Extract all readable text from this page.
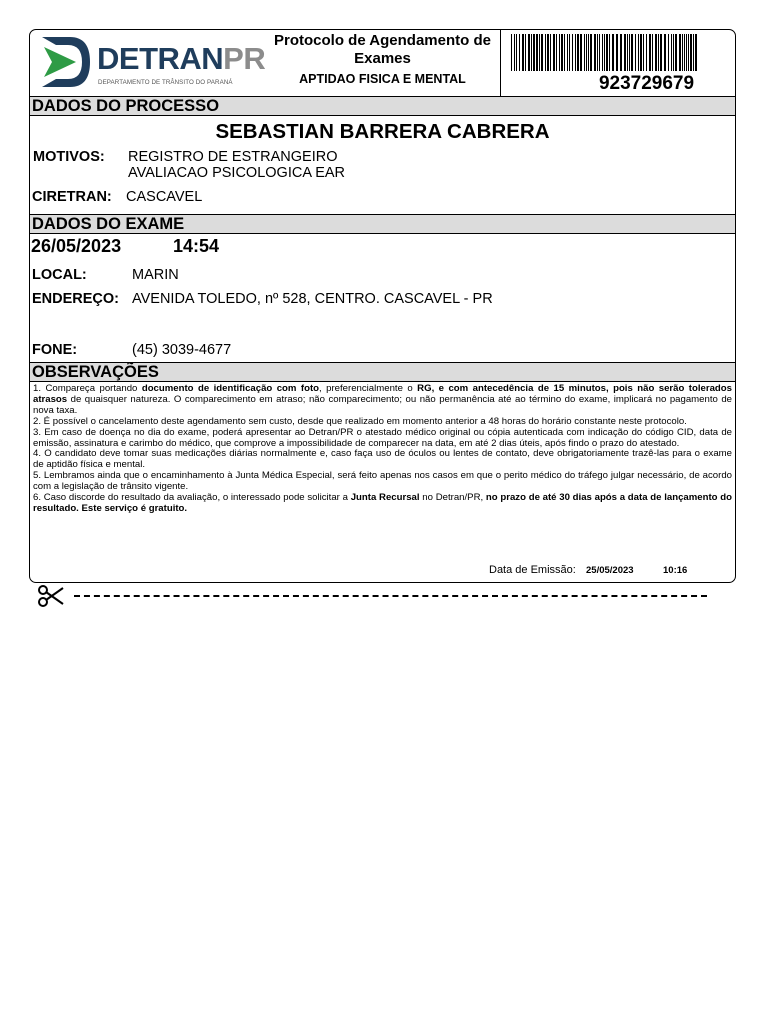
DETRANPR
DEPARTAMENTO DE TRÂNSITO DO PARANÁ
Protocolo de Agendamento de Exames
APTIDAO FISICA E MENTAL	923729679
DADOS DO PROCESSO
SEBASTIAN BARRERA CABRERA
MOTIVOS: REGISTRO DE ESTRANGEIRO
AVALIACAO PSICOLOGICA EAR
CIRETRAN: CASCAVEL
DADOS DO EXAME
26/05/2023	14:54
LOCAL:	MARIN
ENDEREÇO: AVENIDA TOLEDO, nº 528, CENTRO. CASCAVEL - PR
FONE:	(45) 3039-4677
OBSERVAÇÕES

1. Compareça portando documento de identificação com foto, preferencialmente o RG, e com antecedência de 15 minutos, pois não serão tolerados atrasos de quaisquer natureza. O comparecimento em atraso; não comparecimento; ou não permanência até ao término do exame, implicará no pagamento de nova taxa.

2. É possível o cancelamento deste agendamento sem custo, desde que realizado em momento anterior a 48 horas do horário constante neste protocolo.

3. Em caso de doença no dia do exame, poderá apresentar ao Detran/PR o atestado médico original ou cópia autenticada com indicação do código CID, data de emissão, assinatura e carimbo do médico, que comprove a impossibilidade de comparecer na data, em até 2 dias úteis, após findo o prazo do atestado.

4. O candidato deve tomar suas medicações diárias normalmente e, caso faça uso de óculos ou lentes de contato, deve obrigatoriamente trazê-las para o exame de aptidão física e mental.

5. Lembramos ainda que o encaminhamento à Junta Médica Especial, será feito apenas nos casos em que o perito médico do tráfego julgar necessário, de acordo com a legislação de trânsito vigente.

6. Caso discorde do resultado da avaliação, o interessado pode solicitar a Junta Recursal no Detran/PR, no prazo de até 30 dias após a data de lançamento do resultado. Este serviço é gratuito.

Data de Emissão: 25/05/2023	10:16
